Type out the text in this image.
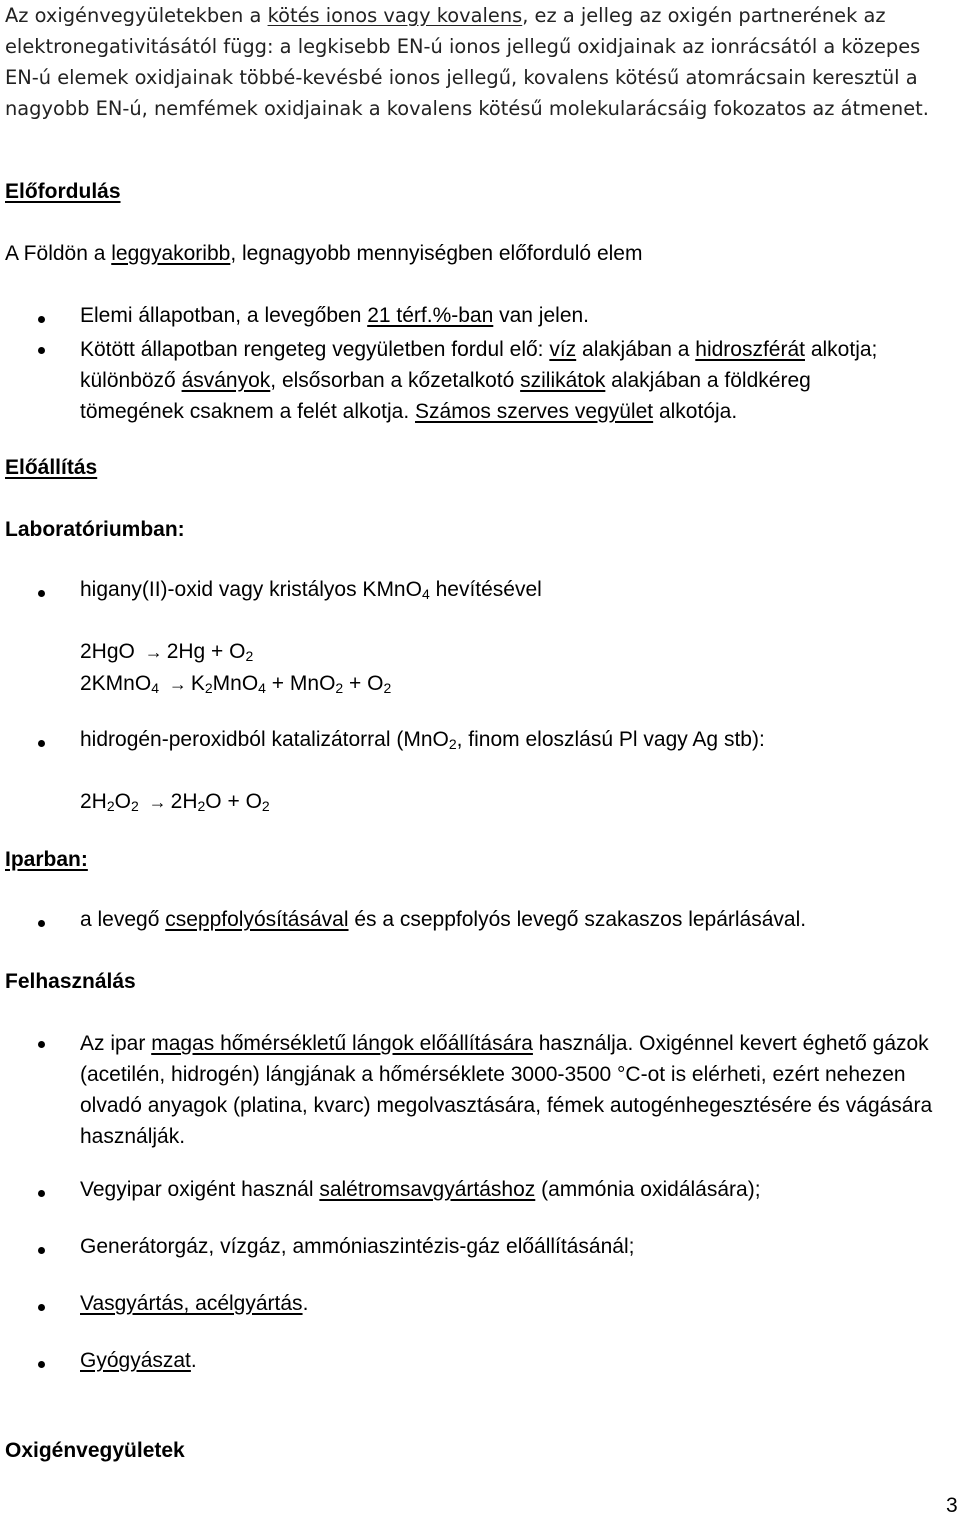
Az oxigénvegyületekben a kötés ionos vagy kovalens, ez a jelleg az oxigén partnerének az elektronegativitásától függ: a legkisebb EN-ú ionos jellegű oxidjainak az ionrácsától a közepes EN-ú elemek oxidjainak többé-kevésbé ionos jellegű, kovalens kötésű atomrácsain keresztül a nagyobb EN-ú, nemfémek oxidjainak a kovalens kötésű molekularácsáig fokozatos az átmenet.
Előfordulás
A Földön a leggyakoribb, legnagyobb mennyiségben előforduló elem
Elemi állapotban, a levegőben 21 térf.%-ban van jelen.
Kötött állapotban rengeteg vegyületben fordul elő: víz alakjában a hidroszférát alkotja; különböző ásványok, elsősorban a kőzetalkotó szilikátok alakjában a földkéreg tömegének csaknem a felét alkotja. Számos szerves vegyület alkotója.
Előállítás
Laboratóriumban:
higany(II)-oxid vagy kristályos KMnO$_4$ hevítésével
$2HgO \to 2Hg + O_2$
2KMnO$_4$ → $K_2MnO_4 + MnO_2 + O_2$
hidrogén-peroxidból katalizátorral (MnO$_2$, finom eloszlású Pl vagy Ag stb):
$2H_2O_2 \to 2H_2O + O_2$
Iparban:
a levegő cseppfolyósításával és a cseppfolyós levegő szakaszos lepárlásával.
Felhasználás
Az ipar magas hőmérsékletű lángok előállítására használja. Oxigénnel kevert éghető gázok (acetilén, hidrogén) lángjának a hőmérséklete 3000-3500 °C-ot is elérheti, ezért nehezen olvadó anyagok (platina, kvarc) megolvasztására, fémek autogénhegesztésére és vágására használják.
Vegyipar oxigént használ salétromsavgyártáshoz (ammónia oxidálására);
Generátorgáz, vízgáz, ammóniaszintézis-gáz előállításánál;
Vasgyártás, acélgyártás.
Gyógyászat.
Oxigénvegyületek
3
